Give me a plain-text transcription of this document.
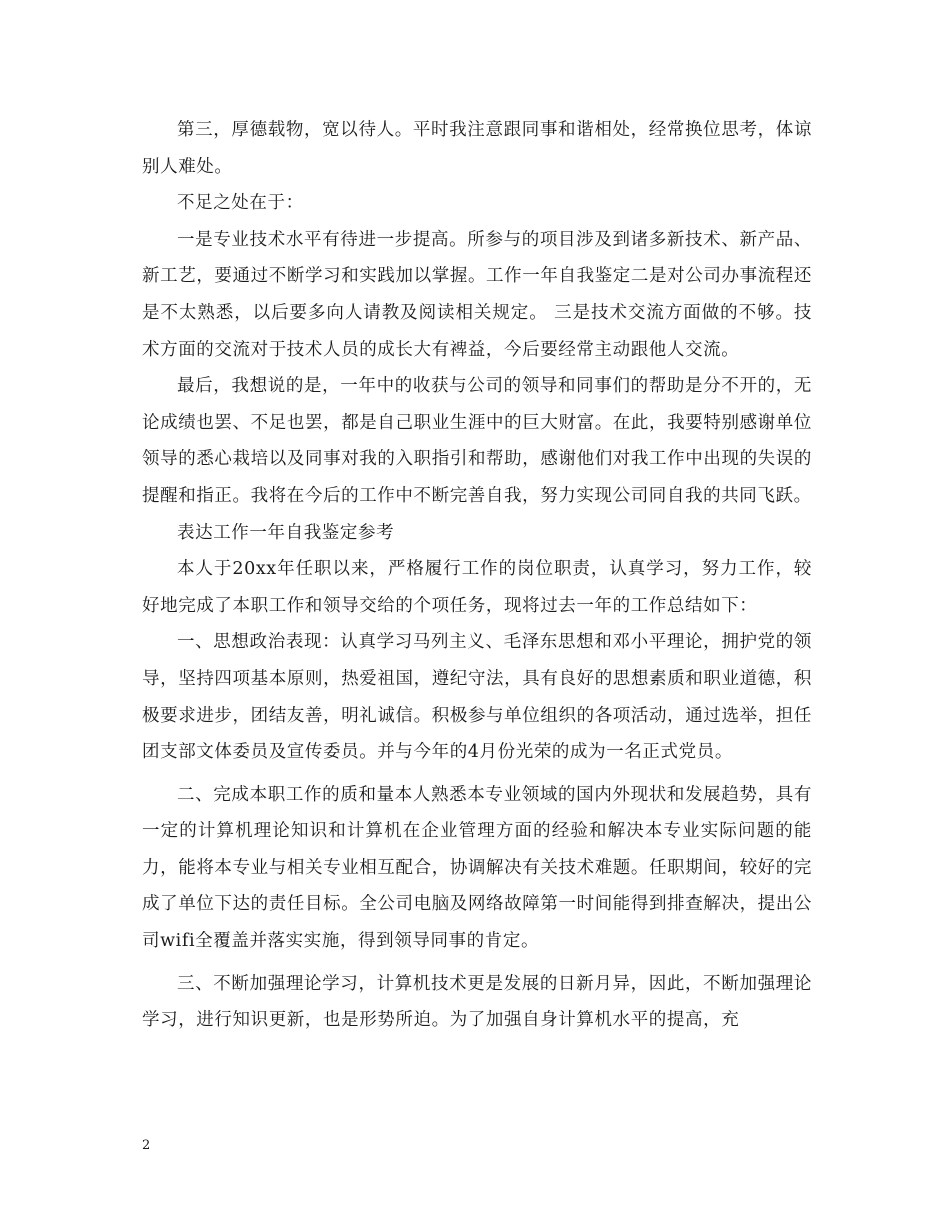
第三，厚德载物，宽以待人。平时我注意跟同事和谐相处，经常换位思考，体谅别人难处。

不足之处在于：

一是专业技术水平有待进一步提高。所参与的项目涉及到诸多新技术、新产品、新工艺，要通过不断学习和实践加以掌握。工作一年自我鉴定二是对公司办事流程还是不太熟悉，以后要多向人请教及阅读相关规定。 三是技术交流方面做的不够。技术方面的交流对于技术人员的成长大有裨益，今后要经常主动跟他人交流。

最后，我想说的是，一年中的收获与公司的领导和同事们的帮助是分不开的，无论成绩也罢、不足也罢，都是自己职业生涯中的巨大财富。在此，我要特别感谢单位领导的悉心栽培以及同事对我的入职指引和帮助，感谢他们对我工作中出现的失误的提醒和指正。我将在今后的工作中不断完善自我，努力实现公司同自我的共同飞跃。

表达工作一年自我鉴定参考

本人于20xx年任职以来，严格履行工作的岗位职责，认真学习，努力工作，较好地完成了本职工作和领导交给的个项任务，现将过去一年的工作总结如下：

一、思想政治表现：认真学习马列主义、毛泽东思想和邓小平理论，拥护党的领导，坚持四项基本原则，热爱祖国，遵纪守法，具有良好的思想素质和职业道德，积极要求进步，团结友善，明礼诚信。积极参与单位组织的各项活动，通过选举，担任团支部文体委员及宣传委员。并与今年的4月份光荣的成为一名正式党员。

二、完成本职工作的质和量本人熟悉本专业领域的国内外现状和发展趋势，具有一定的计算机理论知识和计算机在企业管理方面的经验和解决本专业实际问题的能力，能将本专业与相关专业相互配合，协调解决有关技术难题。任职期间，较好的完成了单位下达的责任目标。全公司电脑及网络故障第一时间能得到排查解决，提出公司wifi全覆盖并落实实施，得到领导同事的肯定。

三、不断加强理论学习，计算机技术更是发展的日新月异，因此，不断加强理论学习，进行知识更新，也是形势所迫。为了加强自身计算机水平的提高，充

2
